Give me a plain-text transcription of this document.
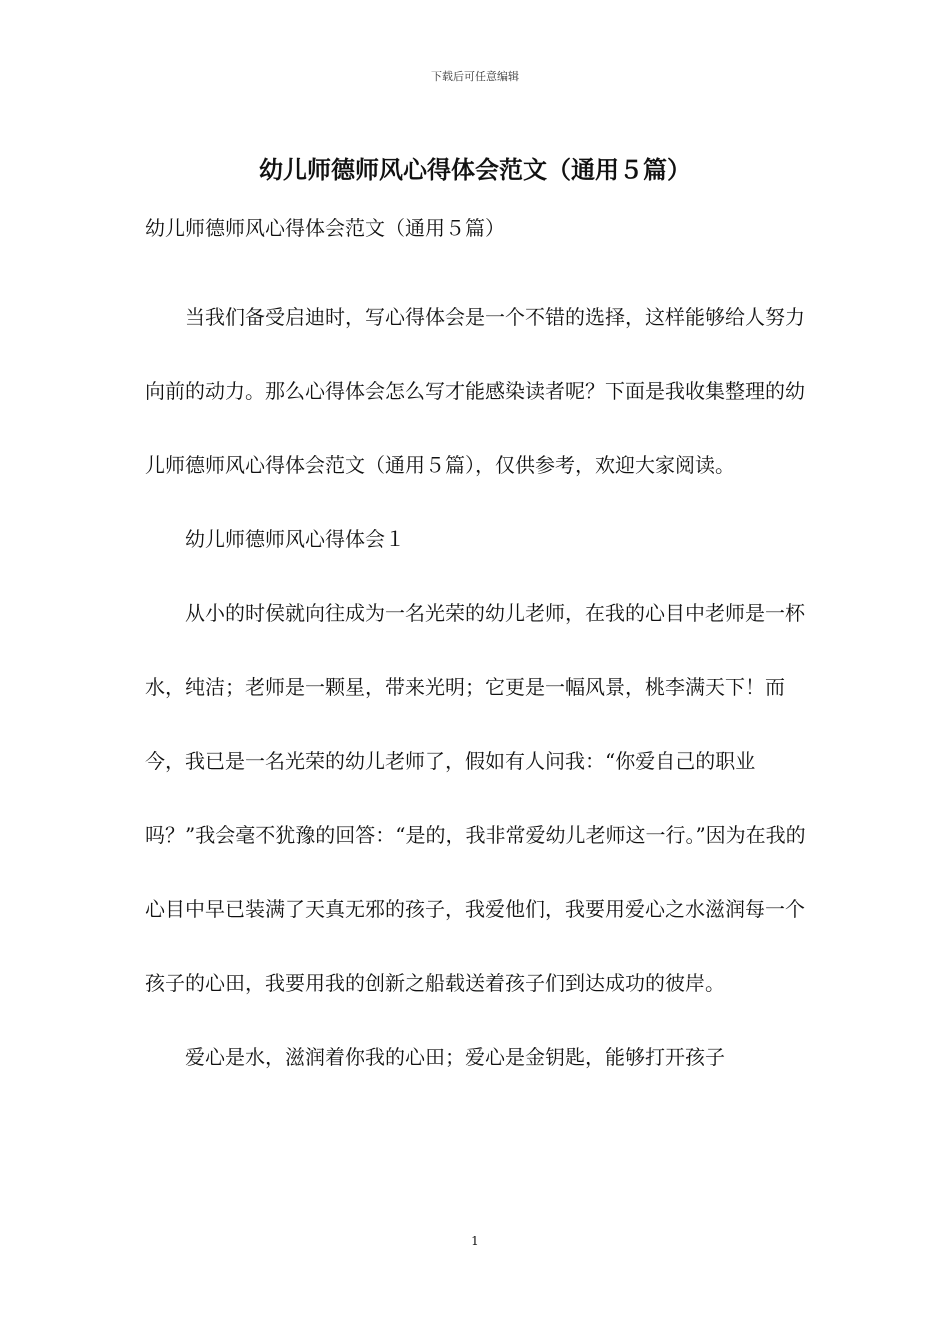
下载后可任意编辑
幼儿师德师风心得体会范文（通用５篇）
幼儿师德师风心得体会范文（通用５篇）

当我们备受启迪时，写心得体会是一个不错的选择，这样能够给人努力向前的动力。那么心得体会怎么写才能感染读者呢？下面是我收集整理的幼儿师德师风心得体会范文（通用５篇），仅供参考，欢迎大家阅读。

幼儿师德师风心得体会１

从小的时侯就向往成为一名光荣的幼儿老师，在我的心目中老师是一杯水，纯洁；老师是一颗星，带来光明；它更是一幅风景，桃李满天下！而今，我已是一名光荣的幼儿老师了，假如有人问我：“你爱自己的职业吗？”我会毫不犹豫的回答：“是的，我非常爱幼儿老师这一行。”因为在我的心目中早已装满了天真无邪的孩子，我爱他们，我要用爱心之水滋润每一个孩子的心田，我要用我的创新之船载送着孩子们到达成功的彼岸。

爱心是水，滋润着你我的心田；爱心是金钥匙，能够打开孩子

1
